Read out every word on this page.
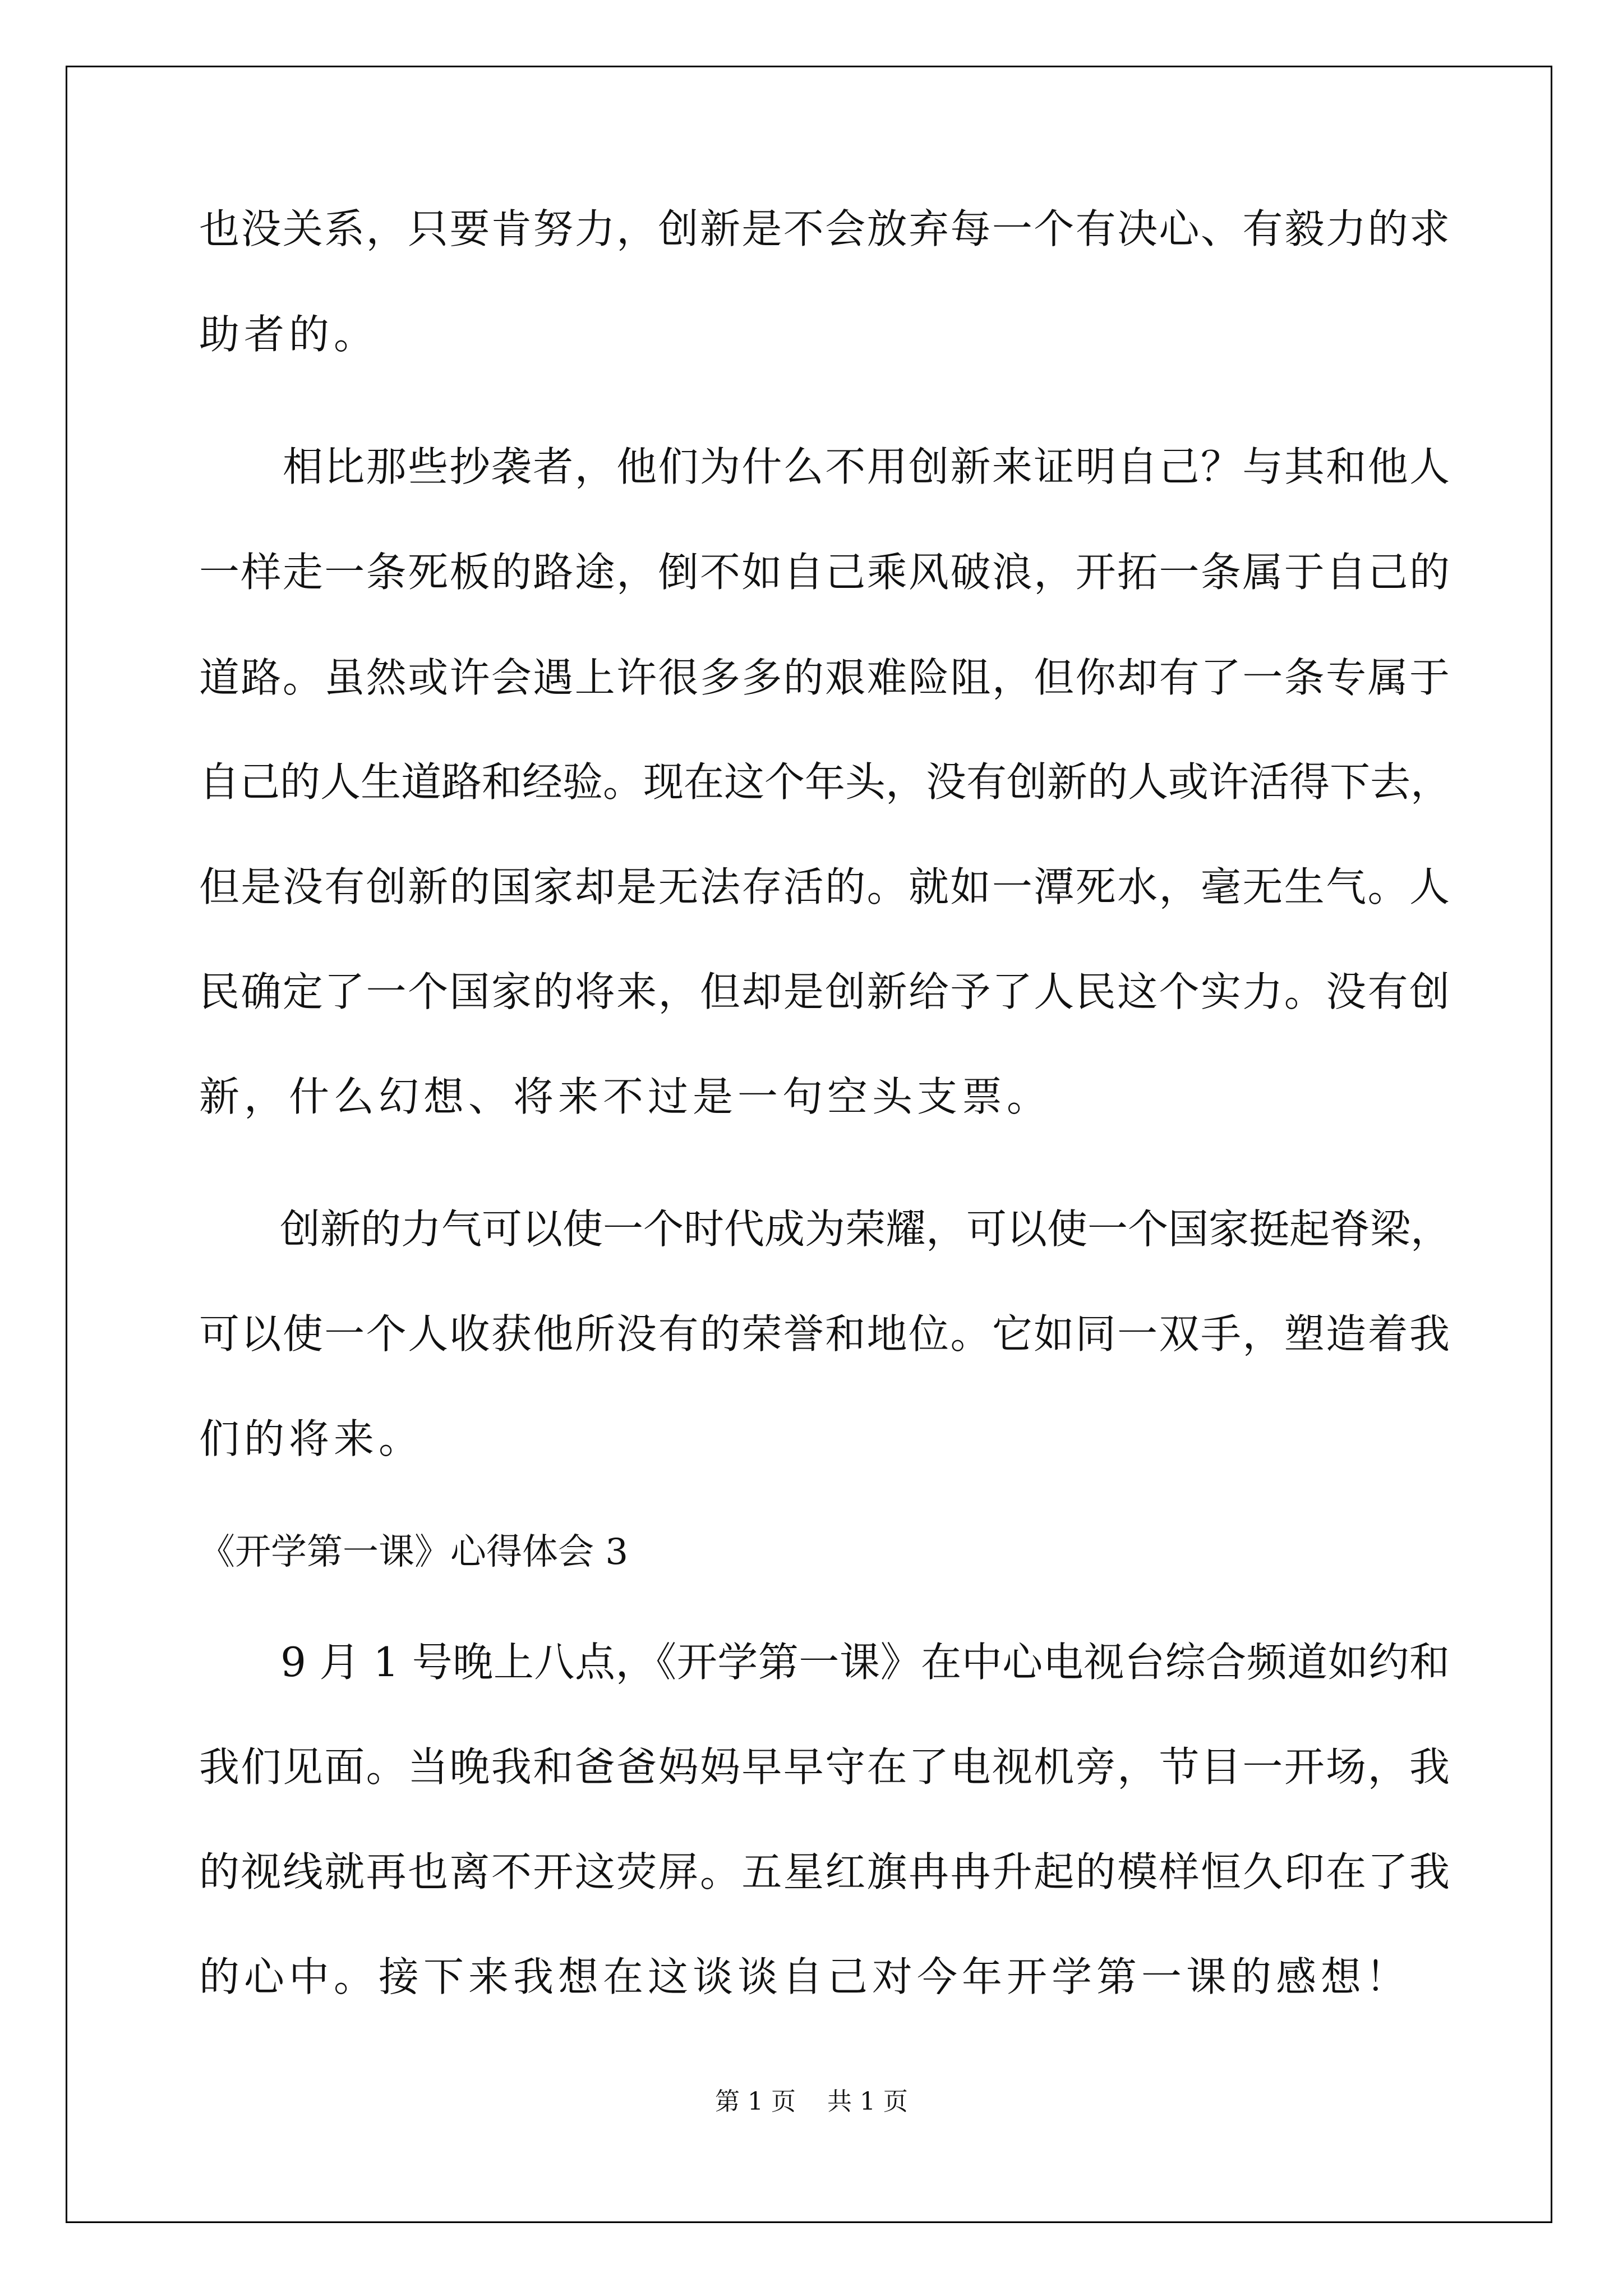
也没关系，只要肯努力，创新是不会放弃每一个有决心、有毅力的求
助者的。
　　相比那些抄袭者，他们为什么不用创新来证明自己？与其和他人
一样走一条死板的路途，倒不如自己乘风破浪，开拓一条属于自己的
道路。虽然或许会遇上许很多多的艰难险阻，但你却有了一条专属于
自己的人生道路和经验。现在这个年头，没有创新的人或许活得下去，
但是没有创新的国家却是无法存活的。就如一潭死水，毫无生气。人
民确定了一个国家的将来，但却是创新给予了人民这个实力。没有创
新，什么幻想、将来不过是一句空头支票。
　　创新的力气可以使一个时代成为荣耀，可以使一个国家挺起脊梁，
可以使一个人收获他所没有的荣誉和地位。它如同一双手，塑造着我
们的将来。
《开学第一课》心得体会 3
　　9 月 1 号晚上八点，《开学第一课》在中心电视台综合频道如约和
我们见面。当晚我和爸爸妈妈早早守在了电视机旁，节目一开场，我
的视线就再也离不开这荧屏。五星红旗冉冉升起的模样恒久印在了我
的心中。接下来我想在这谈谈自己对今年开学第一课的感想！
第 1 页    共 1 页
